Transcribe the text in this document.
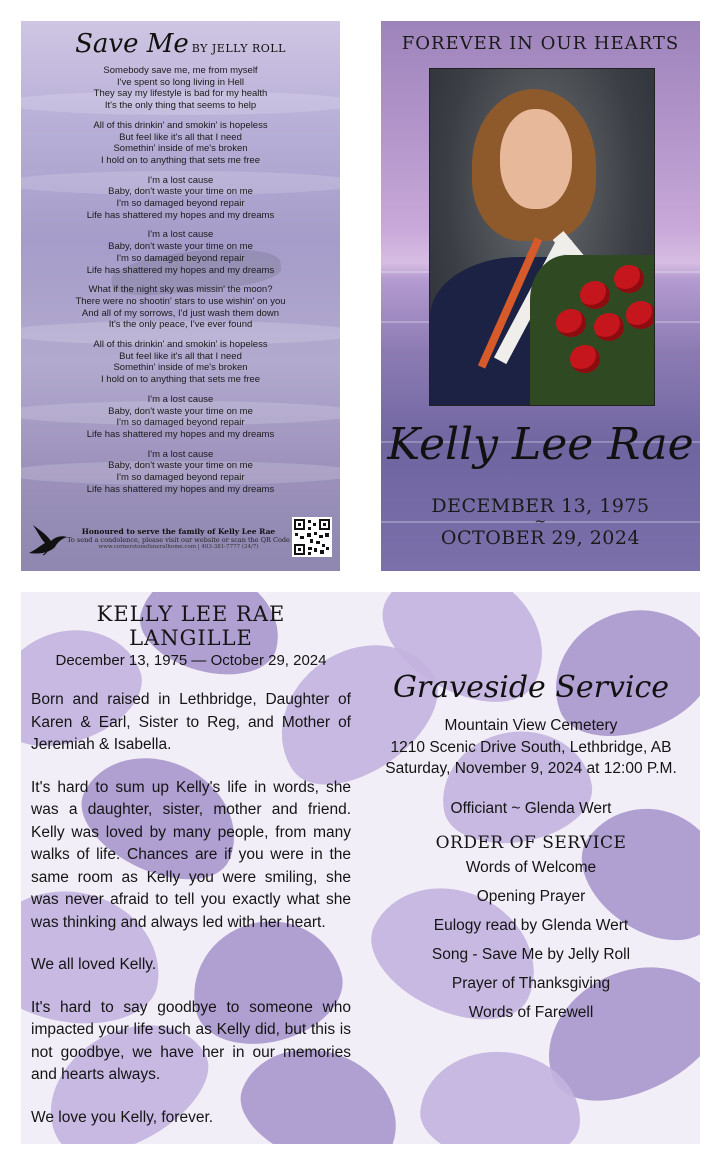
Save Me BY JELLY ROLL
Somebody save me, me from myself
I've spent so long living in Hell
They say my lifestyle is bad for my health
It's the only thing that seems to help
All of this drinkin' and smokin' is hopeless
But feel like it's all that I need
Somethin' inside of me's broken
I hold on to anything that sets me free
I'm a lost cause
Baby, don't waste your time on me
I'm so damaged beyond repair
Life has shattered my hopes and my dreams
I'm a lost cause
Baby, don't waste your time on me
I'm so damaged beyond repair
Life has shattered my hopes and my dreams
What if the night sky was missin' the moon?
There were no shootin' stars to use wishin' on you
And all of my sorrows, I'd just wash them down
It's the only peace, I've ever found
All of this drinkin' and smokin' is hopeless
But feel like it's all that I need
Somethin' inside of me's broken
I hold on to anything that sets me free
I'm a lost cause
Baby, don't waste your time on me
I'm so damaged beyond repair
Life has shattered my hopes and my dreams
I'm a lost cause
Baby, don't waste your time on me
I'm so damaged beyond repair
Life has shattered my hopes and my dreams
Honoured to serve the family of Kelly Lee Rae
To send a condolence, please visit our website or scan the QR Code
www.cornerstonefuneralhome.com | 403-381-7777 (24/7)
FOREVER IN OUR HEARTS
Kelly Lee Rae
DECEMBER 13, 1975
~
OCTOBER 29, 2024
KELLY LEE RAE LANGILLE
December 13, 1975 — October 29, 2024
Born and raised in Lethbridge, Daughter of Karen & Earl, Sister to Reg, and Mother of Jeremiah & Isabella.
It's hard to sum up Kelly's life in words, she was a daughter, sister, mother and friend. Kelly was loved by many people, from many walks of life. Chances are if you were in the same room as Kelly you were smiling, she was never afraid to tell you exactly what she was thinking and always led with her heart.
We all loved Kelly.
It's hard to say goodbye to someone who impacted your life such as Kelly did, but this is not goodbye, we have her in our memories and hearts always.
We love you Kelly, forever.
Graveside Service
Mountain View Cemetery
1210 Scenic Drive South, Lethbridge, AB
Saturday, November 9, 2024 at 12:00 P.M.
Officiant ~ Glenda Wert
ORDER OF SERVICE
Words of Welcome
Opening Prayer
Eulogy read by Glenda Wert
Song - Save Me by Jelly Roll
Prayer of Thanksgiving
Words of Farewell
